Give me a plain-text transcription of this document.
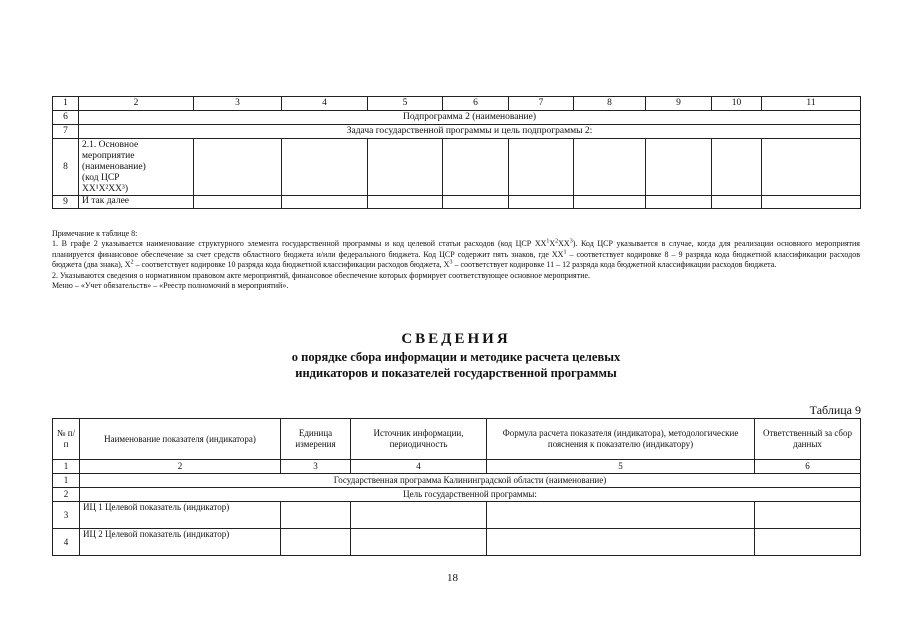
1	2	3	4	5	6	7	8	9	10	11
6	Подпрограмма 2 (наименование)									
7	Задача государственной программы и цель подпрограммы 2:									
8	2.1. Основное
мероприятие
(наименование)
(код ЦСР
XX¹X²XX³)									

9	И так далее									

Примечание к таблице 8:

1. В графе 2 указывается наименование структурного элемента государственной программы и код целевой статьи расходов (код ЦСР $XX^1X^2XX^3$). Код ЦСР указывается в случае, когда для реализации основного мероприятия планируется финансовое обеспечение за счет средств областного бюджета и/или федерального бюджета. Код ЦСР содержит пять знаков, где $XX^1$ – соответствует кодировке 8 – 9 разряда кода бюджетной классификации расходов бюджета (два знака), $X^2$ – соответствует кодировке 10 разряда кода бюджетной классификации расходов бюджета, $X^3$ – соответствует кодировке 11 – 12 разряда кода бюджетной классификации расходов бюджета.

2. Указываются сведения о нормативном правовом акте мероприятий, финансовое обеспечение которых формирует соответствующее основное мероприятие.

Меню – «Учет обязательств» – «Реестр полномочий в мероприятий».

СВЕДЕНИЯ
о порядке сбора информации и методике расчета целевых
индикаторов и показателей государственной программы
Таблица 9
№ п/п	Наименование показателя (индикатора)	Единица измерения	Источник информации, периодичность	Формула расчета показателя (индикатора), методологические пояснения к показателю (индикатору)	Ответственный за сбор данных
1	2	3	4	5	6
1	Государственная программа Калининградской области (наименование)				
2	Цель государственной программы:				
3	ИЦ 1 Целевой показатель (индикатор)				
4	ИЦ 2 Целевой показатель (индикатор)				
18
